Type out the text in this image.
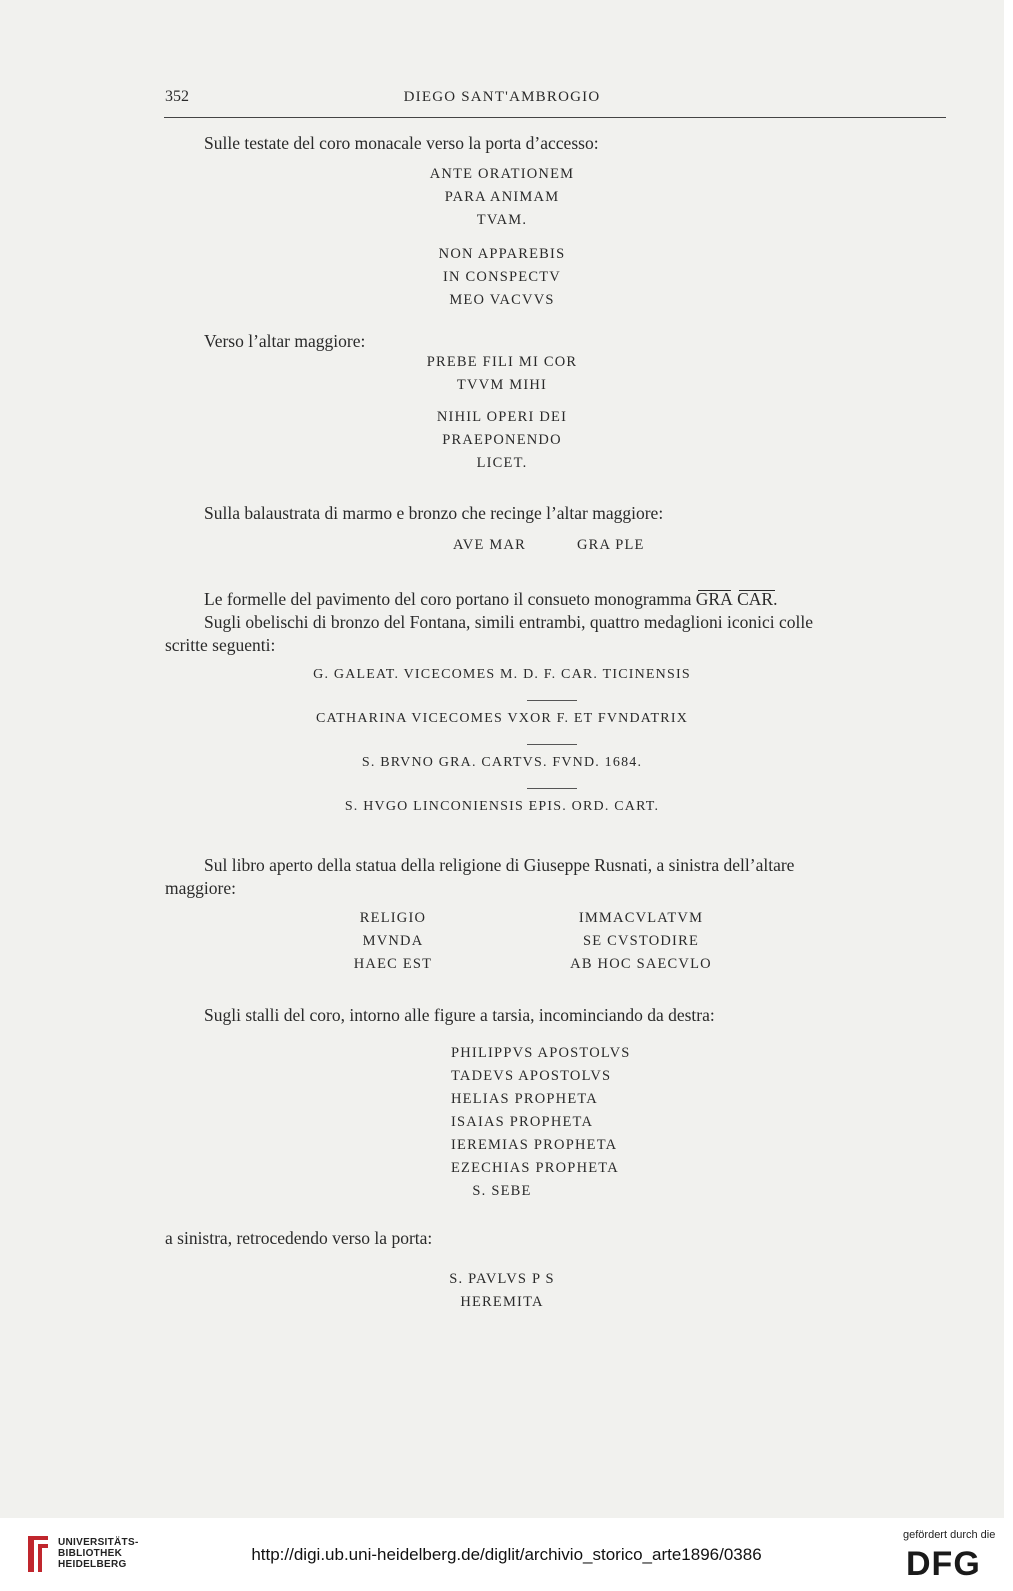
352	DIEGO SANT'AMBROGIO
Sulle testate del coro monacale verso la porta d’accesso:
ANTE ORATIONEM
PARA ANIMAM
TVAM.
NON APPAREBIS
IN CONSPECTV
MEO VACVVS
Verso l’altar maggiore:
PREBE FILI MI COR
TVVM MIHI
NIHIL OPERI DEI
PRAEPONENDO
LICET.
Sulla balaustrata di marmo e bronzo che recinge l’altar maggiore:
AVE MAR	GRA PLE
Le formelle del pavimento del coro portano il consueto monogramma GRA CAR.
Sugli obelischi di bronzo del Fontana, simili entrambi, quattro medaglioni iconici colle
scritte seguenti:
G. GALEAT. VICECOMES M. D. F. CAR. TICINENSIS
CATHARINA VICECOMES VXOR F. ET FVNDATRIX
S. BRVNO GRA. CARTVS. FVND. 1684.
S. HVGO LINCONIENSIS EPIS. ORD. CART.
Sul libro aperto della statua della religione di Giuseppe Rusnati, a sinistra dell’altare
maggiore:
RELIGIO
MVNDA
HAEC EST
IMMACVLATVM
SE CVSTODIRE
AB HOC SAECVLO
Sugli stalli del coro, intorno alle figure a tarsia, incominciando da destra:
PHILIPPVS APOSTOLVS
TADEVS APOSTOLVS
HELIAS PROPHETA
ISAIAS PROPHETA
IEREMIAS PROPHETA
EZECHIAS PROPHETA
S. SEBE
a sinistra, retrocedendo verso la porta:
S. PAVLVS P S
HEREMITA
UNIVERSITÄTS-
BIBLIOTHEK
HEIDELBERG
http://digi.ub.uni-heidelberg.de/diglit/archivio_storico_arte1896/0386
gefördert durch die
DFG
